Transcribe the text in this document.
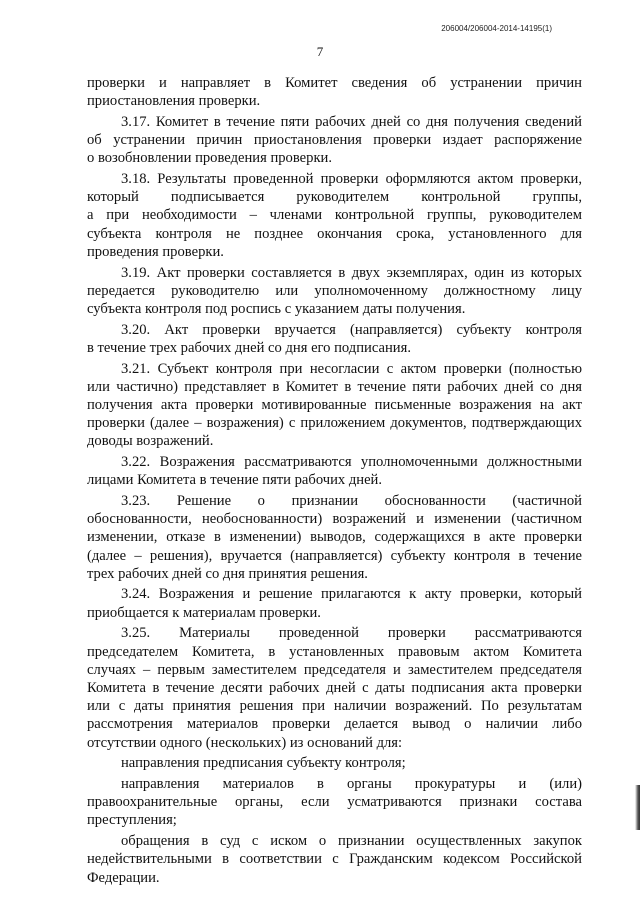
206004/206004-2014-14195(1)
7
проверки и направляет в Комитет сведения об устранении причин
приостановления проверки.
3.17. Комитет в течение пяти рабочих дней со дня получения сведений
об устранении причин приостановления проверки издает распоряжение
о возобновлении проведения проверки.
3.18. Результаты проведенной проверки оформляются актом проверки,
который подписывается руководителем контрольной группы,
а при необходимости – членами контрольной группы, руководителем
субъекта контроля не позднее окончания срока, установленного для
проведения проверки.
3.19. Акт проверки составляется в двух экземплярах, один из которых
передается руководителю или уполномоченному должностному лицу
субъекта контроля под роспись с указанием даты получения.
3.20. Акт проверки вручается (направляется) субъекту контроля
в течение трех рабочих дней со дня его подписания.
3.21. Субъект контроля при несогласии с актом проверки (полностью
или частично) представляет в Комитет в течение пяти рабочих дней со дня
получения акта проверки мотивированные письменные возражения на акт
проверки (далее – возражения) с приложением документов, подтверждающих
доводы возражений.
3.22. Возражения рассматриваются уполномоченными должностными
лицами Комитета в течение пяти рабочих дней.
3.23. Решение о признании обоснованности (частичной
обоснованности, необоснованности) возражений и изменении (частичном
изменении, отказе в изменении) выводов, содержащихся в акте проверки
(далее – решения), вручается (направляется) субъекту контроля в течение
трех рабочих дней со дня принятия решения.
3.24. Возражения и решение прилагаются к акту проверки, который
приобщается к материалам проверки.
3.25. Материалы проведенной проверки рассматриваются
председателем Комитета, в установленных правовым актом Комитета
случаях – первым заместителем председателя и заместителем председателя
Комитета в течение десяти рабочих дней с даты подписания акта проверки
или с даты принятия решения при наличии возражений. По результатам
рассмотрения материалов проверки делается вывод о наличии либо
отсутствии одного (нескольких) из оснований для:
направления предписания субъекту контроля;
направления материалов в органы прокуратуры и (или)
правоохранительные органы, если усматриваются признаки состава
преступления;
обращения в суд с иском о признании осуществленных закупок
недействительными в соответствии с Гражданским кодексом Российской
Федерации.
